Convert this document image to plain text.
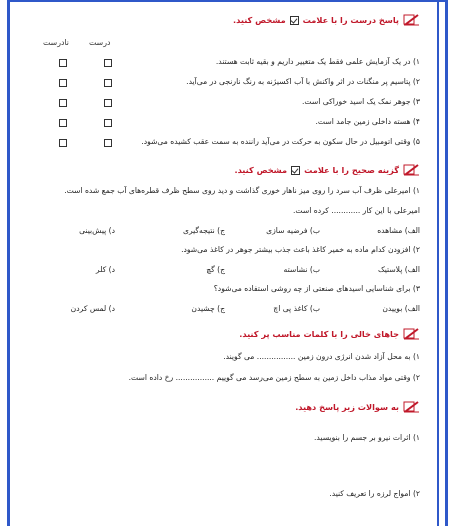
پاسخ درست را با علامت
مشخص کنید.
درست
نادرست
۱) در یک آزمایش علمی فقط یک متغییر داریم و بقیه ثابت هستند.
۲) پتاسیم پر منگنات در اثر واکنش با آب اکسیژنه به رنگ نارنجی در می‌آید.
۳) جوهر نمک یک اسید خوراکی است.
۴) هسته داخلی زمین جامد است.
۵) وقتی اتومبیل در حال سکون به حرکت در می‌آید راننده به سمت عقب کشیده می‌شود.
گزینه صحیح را با علامت
مشخص کنید.
۱) امیرعلی ظرف آب سرد را روی میز ناهار خوری گذاشت و دید روی سطح ظرف قطره‌های آب جمع شده است.
امیرعلی با این کار ............ کرده است.
الف) مشاهده
ب) فرضیه سازی
ج) نتیجه‌گیری
د) پیش‌بینی
۲) افزودن کدام ماده به خمیر کاغذ باعث جذب بیشتر جوهر در کاغذ می‌شود.
الف) پلاستیک
ب) نشاسته
ج) گچ
د) کلر
۳) برای شناسایی اسیدهای صنعتی از چه روشی استفاده می‌شود؟
الف) بوییدن
ب) کاغذ پی اچ
ج) چشیدن
د) لمس کردن
جاهای خالی را با کلمات مناسب پر کنید.
۱) به محل آزاد شدن انرژی درون زمین ................ می گویند.
۲) وقتی مواد مذاب داخل زمین به سطح زمین می‌رسد می گوییم ................ رخ داده است.
به سوالات زیر پاسخ دهید.
۱) اثرات نیرو بر جسم را بنویسید.
۲) امواج لرزه را تعریف کنید.
